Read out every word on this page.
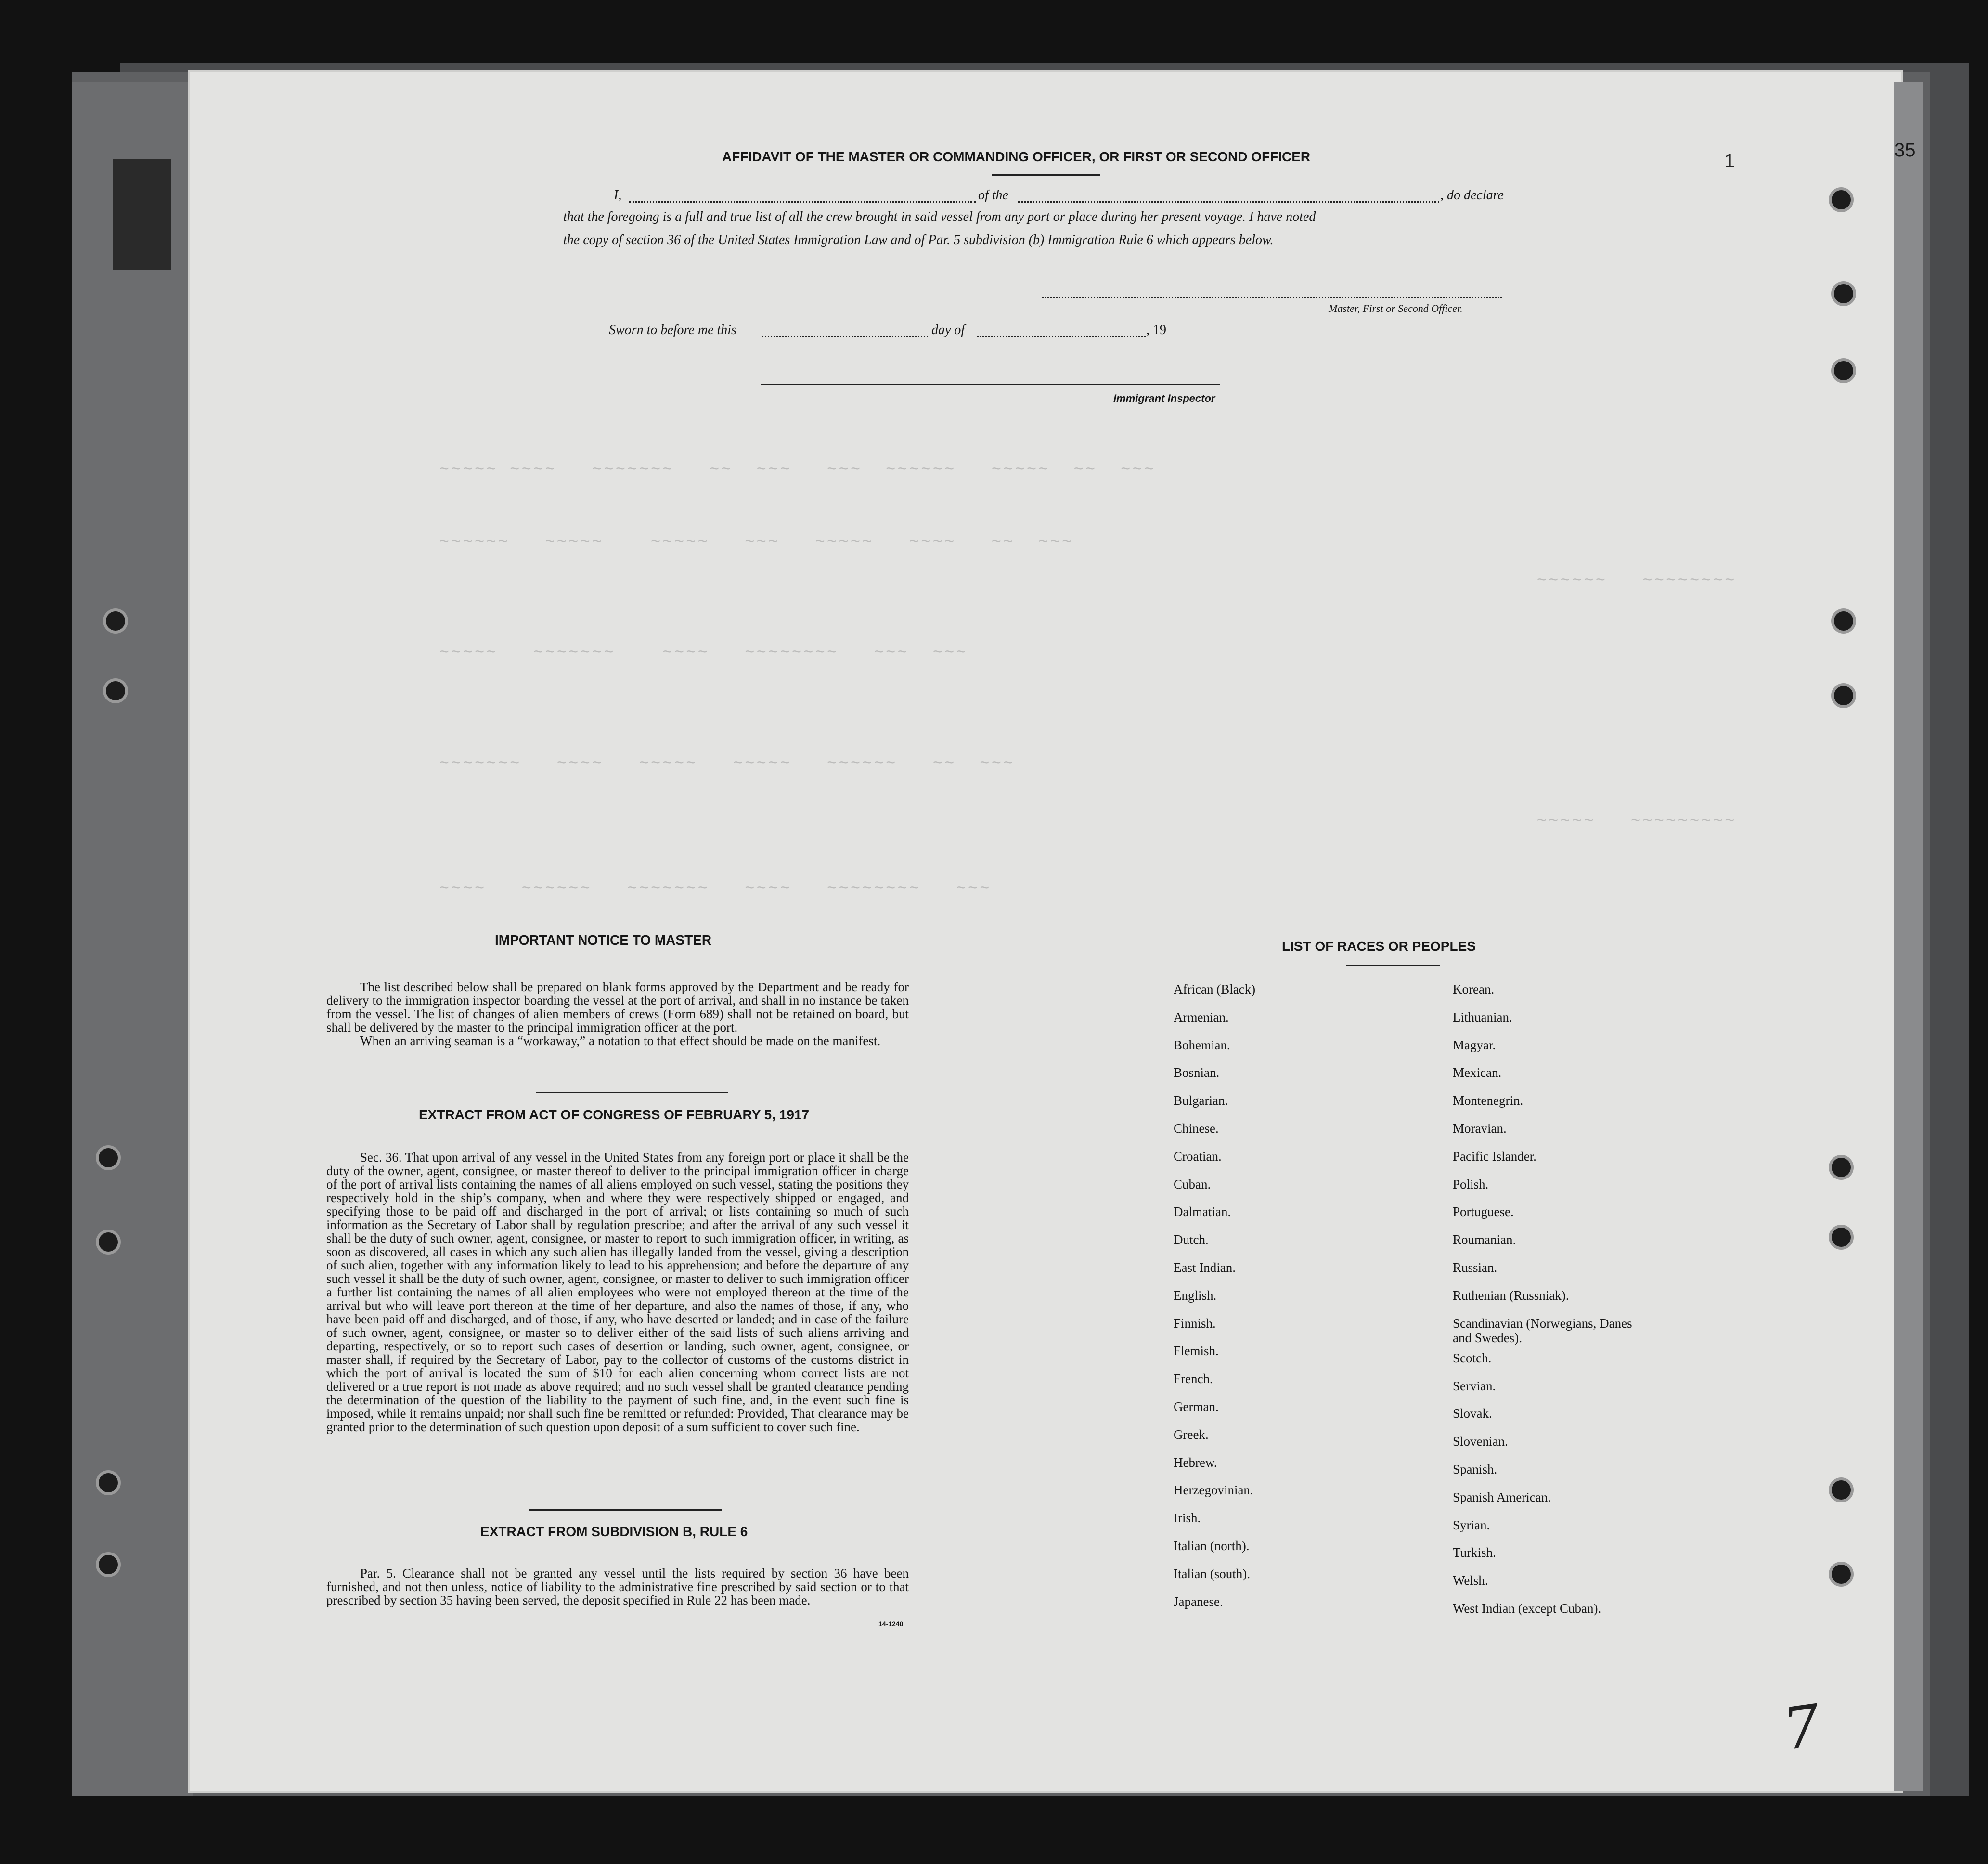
~~~~~ ~~~~   ~~~~~~~   ~~  ~~~   ~~~  ~~~~~~   ~~~~~  ~~  ~~~

~~~~~~   ~~~~~    ~~~~~   ~~~   ~~~~~   ~~~~   ~~  ~~~

~~~~~   ~~~~~~~    ~~~~   ~~~~~~~~   ~~~  ~~~

~~~~~~~   ~~~~   ~~~~~   ~~~~~   ~~~~~~   ~~  ~~~

~~~~   ~~~~~~   ~~~~~~~   ~~~~   ~~~~~~~~   ~~~

~~~~~~   ~~~~~~~~

~~~~~   ~~~~~~~~~

AFFIDAVIT OF THE MASTER OR COMMANDING OFFICER, OR FIRST OR SECOND OFFICER
I,	of the	, do declare
that the foregoing is a full and true list of all the crew brought in said vessel from any port or place during her present voyage. I have noted
the copy of section 36 of the United States Immigration Law and of Par. 5 subdivision (b) Immigration Rule 6 which appears below.
Master, First or Second Officer.
Sworn to before me this	day of	, 19
Immigrant Inspector
IMPORTANT NOTICE TO MASTER

The list described below shall be prepared on blank forms approved by the Department and be ready for delivery to the immigration inspector boarding the vessel at the port of arrival, and shall in no instance be taken from the vessel. The list of changes of alien members of crews (Form 689) shall not be retained on board, but shall be delivered by the master to the principal immigration officer at the port.

When an arriving seaman is a “workaway,” a notation to that effect should be made on the manifest.

EXTRACT FROM ACT OF CONGRESS OF FEBRUARY 5, 1917

Sec. 36. That upon arrival of any vessel in the United States from any foreign port or place it shall be the duty of the owner, agent, consignee, or master thereof to deliver to the principal immigration officer in charge of the port of arrival lists containing the names of all aliens employed on such vessel, stating the positions they respectively hold in the ship’s company, when and where they were respectively shipped or engaged, and specifying those to be paid off and discharged in the port of arrival; or lists containing so much of such information as the Secretary of Labor shall by regulation prescribe; and after the arrival of any such vessel it shall be the duty of such owner, agent, consignee, or master to report to such immigration officer, in writing, as soon as discovered, all cases in which any such alien has illegally landed from the vessel, giving a description of such alien, together with any information likely to lead to his apprehension; and before the departure of any such vessel it shall be the duty of such owner, agent, consignee, or master to deliver to such immigration officer a further list containing the names of all alien employees who were not employed thereon at the time of the arrival but who will leave port thereon at the time of her departure, and also the names of those, if any, who have been paid off and discharged, and of those, if any, who have deserted or landed; and in case of the failure of such owner, agent, consignee, or master so to deliver either of the said lists of such aliens arriving and departing, respectively, or so to report such cases of desertion or landing, such owner, agent, consignee, or master shall, if required by the Secretary of Labor, pay to the collector of customs of the customs district in which the port of arrival is located the sum of $10 for each alien concerning whom correct lists are not delivered or a true report is not made as above required; and no such vessel shall be granted clearance pending the determination of the question of the liability to the payment of such fine, and, in the event such fine is imposed, while it remains unpaid; nor shall such fine be remitted or refunded: Provided, That clearance may be granted prior to the determination of such question upon deposit of a sum sufficient to cover such fine.

EXTRACT FROM SUBDIVISION B, RULE 6

Par. 5. Clearance shall not be granted any vessel until the lists required by section 36 have been furnished, and not then unless, notice of liability to the administrative fine prescribed by said section or to that prescribed by section 35 having been served, the deposit specified in Rule 22 has been made.

14-1240
LIST OF RACES OR PEOPLES
1
7
African (Black)
Armenian.
Bohemian.
Bosnian.
Bulgarian.
Chinese.
Croatian.
Cuban.
Dalmatian.
Dutch.
East Indian.
English.
Finnish.
Flemish.
French.
German.
Greek.
Hebrew.
Herzegovinian.
Irish.
Italian (north).
Italian (south).
Japanese.
Korean.
Lithuanian.
Magyar.
Mexican.
Montenegrin.
Moravian.
Pacific Islander.
Polish.
Portuguese.
Roumanian.
Russian.
Ruthenian (Russniak).
Scandinavian (Norwegians, Danes and Swedes).
Scotch.
Servian.
Slovak.
Slovenian.
Spanish.
Spanish American.
Syrian.
Turkish.
Welsh.
West Indian (except Cuban).
35
